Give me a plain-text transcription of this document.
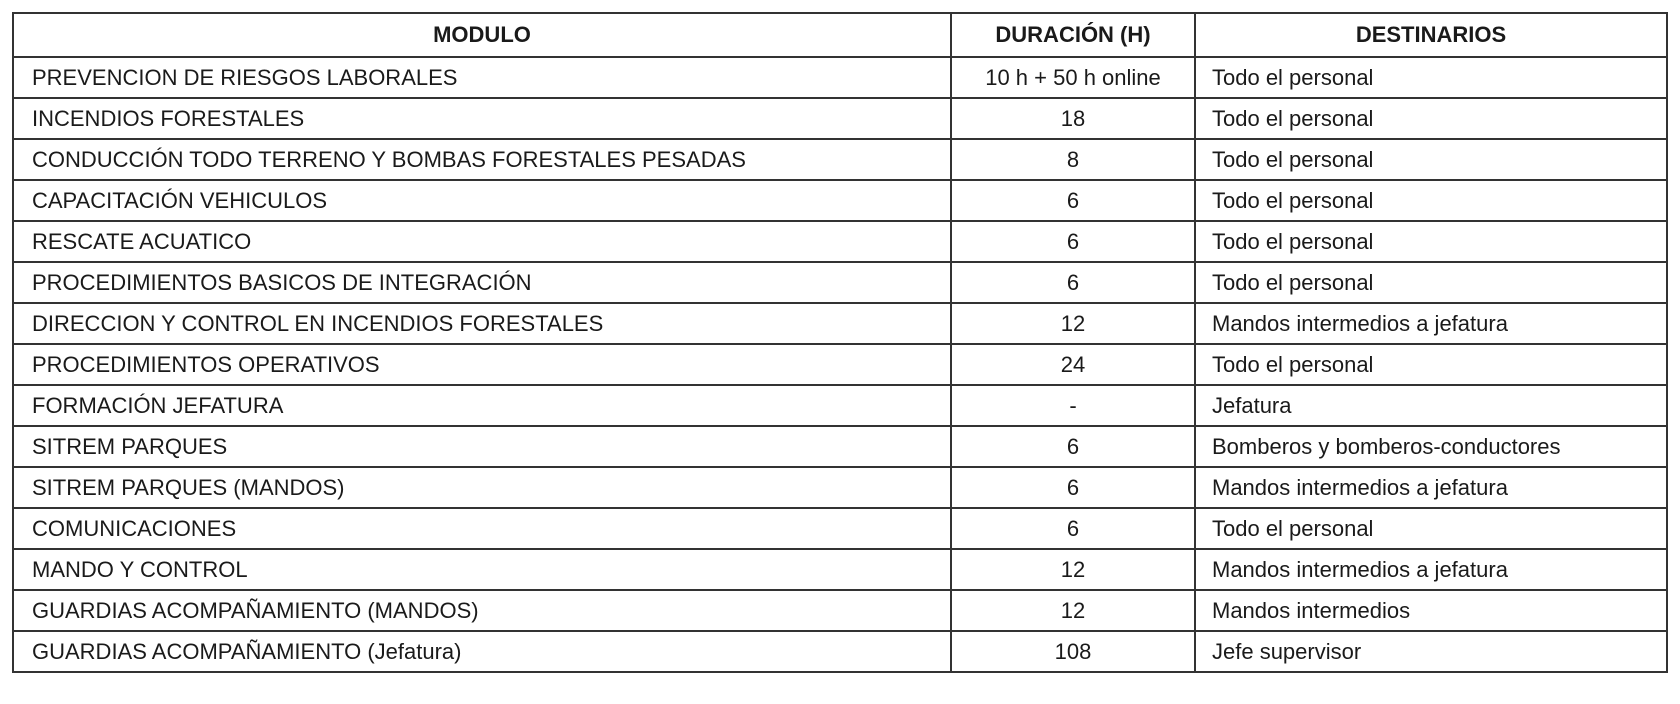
MODULO	DURACIÓN (H)	DESTINARIOS
PREVENCION DE RIESGOS LABORALES	10 h + 50 h online	Todo el personal
INCENDIOS FORESTALES	18	Todo el personal
CONDUCCIÓN TODO TERRENO Y BOMBAS FORESTALES PESADAS	8	Todo el personal
CAPACITACIÓN VEHICULOS	6	Todo el personal
RESCATE ACUATICO	6	Todo el personal
PROCEDIMIENTOS BASICOS DE INTEGRACIÓN	6	Todo el personal
DIRECCION Y CONTROL EN INCENDIOS FORESTALES	12	Mandos intermedios a jefatura
PROCEDIMIENTOS OPERATIVOS	24	Todo el personal
FORMACIÓN JEFATURA	-	Jefatura
SITREM PARQUES	6	Bomberos y bomberos-conductores
SITREM PARQUES (MANDOS)	6	Mandos intermedios a jefatura
COMUNICACIONES	6	Todo el personal
MANDO Y CONTROL	12	Mandos intermedios a jefatura
GUARDIAS ACOMPAÑAMIENTO (MANDOS)	12	Mandos intermedios
GUARDIAS ACOMPAÑAMIENTO (Jefatura)	108	Jefe supervisor
